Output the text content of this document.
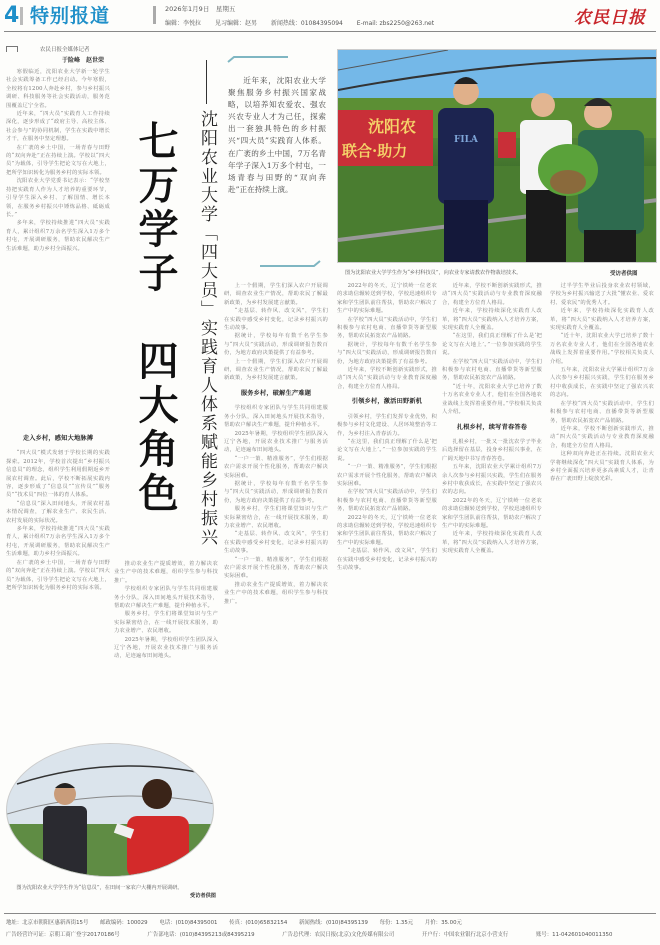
4 特别报道	2026年1月9日　星期五
编辑：李悦拉 见习编辑：赵男 新闻热线：01084395094 E-mail: zbs2250@263.net	农民日报
农民日报全媒体记者
于险峰　赵世荣

寒假临近，沈阳农业大学新一轮学生社会实践筹备工作已经启动。今年寒假，全校将有1200人奔赴乡村，参与乡村振兴调研、科技服务等社会实践活动，服务范围覆盖辽宁全省。

近年来，“四大员”实践育人工作持续深化，逐步形成了“政府主导、高校主体、社会参与”的协同机制，学生在实践中增长才干，在服务中坚定理想。

在广袤的乡土中国，一场青春与田野的“双向奔赴”正在持续上演。学校以“四大员”为载体，引导学生把论文写在大地上，把所学知识转化为服务乡村的实际本领。

沈阳农业大学党委书记表示：“学校坚持把实践育人作为人才培养的重要环节，引导学生深入乡村、了解国情、增长本领，在服务乡村振兴中锤炼品格、砥砺成长。”

多年来，学校持续推进“四大员”实践育人，累计组织7万余名学生深入1万多个村屯，开展调研服务，帮助农民解决生产生活难题，助力乡村全面振兴。

走入乡村，感知大地脉搏

“四大员”模式发轫于学校长期的实践探索。2012年，学校首次提出“乡村振兴信息员”的理念，组织学生利用假期返乡开展农村调查。此后，学校不断拓展实践内容，逐步形成了“信息员”“宣传员”“服务员”“技术员”四位一体的育人体系。

“信息员”深入田间地头，开展农村基本情况调查，了解农业生产、农民生活、农村发展的实际状况。

多年来，学校持续推进“四大员”实践育人，累计组织7万余名学生深入1万多个村屯，开展调研服务，帮助农民解决生产生活难题，助力乡村全面振兴。

在广袤的乡土中国，一场青春与田野的“双向奔赴”正在持续上演。学校以“四大员”为载体，引导学生把论文写在大地上，把所学知识转化为服务乡村的实际本领。

沈阳农业大学「四大员」实践育人体系赋能乡村振兴
七万学子　四大角色
近年来，沈阳农业大学聚焦服务乡村振兴国家战略，以培养知农爱农、强农兴农专业人才为己任，探索出一套独具特色的乡村振兴“四大员”实践育人体系。在广袤的乡土中国，7万名青年学子深入1万多个村屯，一场青春与田野的“双向奔赴”正在持续上演。

推动农业生产提质增效，着力解决农业生产中的技术难题，组织学生参与科技推广。

学校组织专家团队与学生共同组建服务小分队，深入田间地头开展技术指导，帮助农户解决生产难题，提升种植水平。

服务乡村，学生们将课堂知识与生产实际紧密结合，在一线开展技术服务，助力农业增产、农民增收。

2025年暑期，学校组织学生团队深入辽宁各地，开展农业技术推广与服务活动，足迹遍布田间地头。

上一个假期，学生们深入农户开展调研，调查农业生产情况，帮助农民了解最新政策，为乡村发展建言献策。

“走基层、转作风、改文风”，学生们在实践中感受乡村变化，记录乡村振兴的生动故事。

据统计，学校每年有数千名学生参与“四大员”实践活动，形成调研报告数百份，为地方政府决策提供了有益参考。

上一个假期，学生们深入农户开展调研，调查农业生产情况，帮助农民了解最新政策，为乡村发展建言献策。

服务乡村，破解生产难题

学校组织专家团队与学生共同组建服务小分队，深入田间地头开展技术指导，帮助农户解决生产难题，提升种植水平。

2025年暑期，学校组织学生团队深入辽宁各地，开展农业技术推广与服务活动，足迹遍布田间地头。

“一户一策、精准服务”，学生们根据农户需求开展个性化服务，帮助农户解决实际困难。

据统计，学校每年有数千名学生参与“四大员”实践活动，形成调研报告数百份，为地方政府决策提供了有益参考。

服务乡村，学生们将课堂知识与生产实际紧密结合，在一线开展技术服务，助力农业增产、农民增收。

“走基层、转作风、改文风”，学生们在实践中感受乡村变化，记录乡村振兴的生动故事。

“一户一策、精准服务”，学生们根据农户需求开展个性化服务，帮助农户解决实际困难。

推动农业生产提质增效，着力解决农业生产中的技术难题，组织学生参与科技推广。

沈阳农
联合·助力
FILA
图为沈阳农业大学学生作为“乡村科技员”，向农业专家请教农作物栽培技术。	受访者供图

2022年的冬天，辽宁铁岭一位老农的求助信辗转送到学校，学校迅速组织专家和学生团队前往帮扶，帮助农户解决了生产中的实际难题。

在学校“四大员”实践活动中，学生们积极参与农村电商、直播带货等新型服务，帮助农民拓宽农产品销路。

据统计，学校每年有数千名学生参与“四大员”实践活动，形成调研报告数百份，为地方政府决策提供了有益参考。

近年来，学校不断创新实践形式，推动“四大员”实践活动与专业教育深度融合，构建全方位育人格局。

引领乡村，激活田野新机

引领乡村，学生们发挥专业优势，积极参与乡村文化建设、人居环境整治等工作，为乡村注入青春活力。

“在这里，我们真正理解了什么是‘把论文写在大地上’。”一位参加实践的学生说。

“一户一策、精准服务”，学生们根据农户需求开展个性化服务，帮助农户解决实际困难。

在学校“四大员”实践活动中，学生们积极参与农村电商、直播带货等新型服务，帮助农民拓宽农产品销路。

2022年的冬天，辽宁铁岭一位老农的求助信辗转送到学校，学校迅速组织专家和学生团队前往帮扶，帮助农户解决了生产中的实际难题。

“走基层、转作风、改文风”，学生们在实践中感受乡村变化，记录乡村振兴的生动故事。

近年来，学校不断创新实践形式，推动“四大员”实践活动与专业教育深度融合，构建全方位育人格局。

近年来，学校持续深化实践育人改革，将“四大员”实践纳入人才培养方案，实现实践育人全覆盖。

“在这里，我们真正理解了什么是‘把论文写在大地上’。”一位参加实践的学生说。

在学校“四大员”实践活动中，学生们积极参与农村电商、直播带货等新型服务，帮助农民拓宽农产品销路。

“近十年，沈阳农业大学已培养了数十万名农业专业人才，他们在全国各地农业战线上发挥着重要作用。”学校相关负责人介绍。

扎根乡村，续写青春答卷

扎根乡村，一批又一批沈农学子毕业后选择留在基层，投身乡村振兴事业，在广阔天地中书写青春答卷。

五年来，沈阳农业大学累计组织7万余人次参与乡村振兴实践，学生们在服务乡村中收获成长，在实践中坚定了强农兴农的志向。

2022年的冬天，辽宁铁岭一位老农的求助信辗转送到学校，学校迅速组织专家和学生团队前往帮扶，帮助农户解决了生产中的实际难题。

近年来，学校持续深化实践育人改革，将“四大员”实践纳入人才培养方案，实现实践育人全覆盖。

过半学生毕业后投身农业农村领域，学校为乡村振兴输送了大批“懂农业、爱农村、爱农民”的优秀人才。

近年来，学校持续深化实践育人改革，将“四大员”实践纳入人才培养方案，实现实践育人全覆盖。

“近十年，沈阳农业大学已培养了数十万名农业专业人才，他们在全国各地农业战线上发挥着重要作用。”学校相关负责人介绍。

五年来，沈阳农业大学累计组织7万余人次参与乡村振兴实践，学生们在服务乡村中收获成长，在实践中坚定了强农兴农的志向。

在学校“四大员”实践活动中，学生们积极参与农村电商、直播带货等新型服务，帮助农民拓宽农产品销路。

近年来，学校不断创新实践形式，推动“四大员”实践活动与专业教育深度融合，构建全方位育人格局。

这种双向奔赴正在持续。沈阳农业大学将继续深化“四大员”实践育人体系，为乡村全面振兴培养更多高素质人才，让青春在广袤田野上绽放光彩。

图为沈阳农业大学学生作为“信息员”，在田间一家农户大棚内开展调研。
受访者供图
地址：北京市朝阳区惠新西街15号 邮政编码：100029 电话：(010)84395001 传真：(010)65832154 新闻热线：(010)84395139 每份：1.35元 月价：35.00元
广告经营许可证：京朝工商广登字20170186号	广告部电话：(010)84395213或84395219	广告总代理：农民日报(北京)文化传媒有限公司	开户行：中国农业银行北京小营支行	账号：11-042601040011350
